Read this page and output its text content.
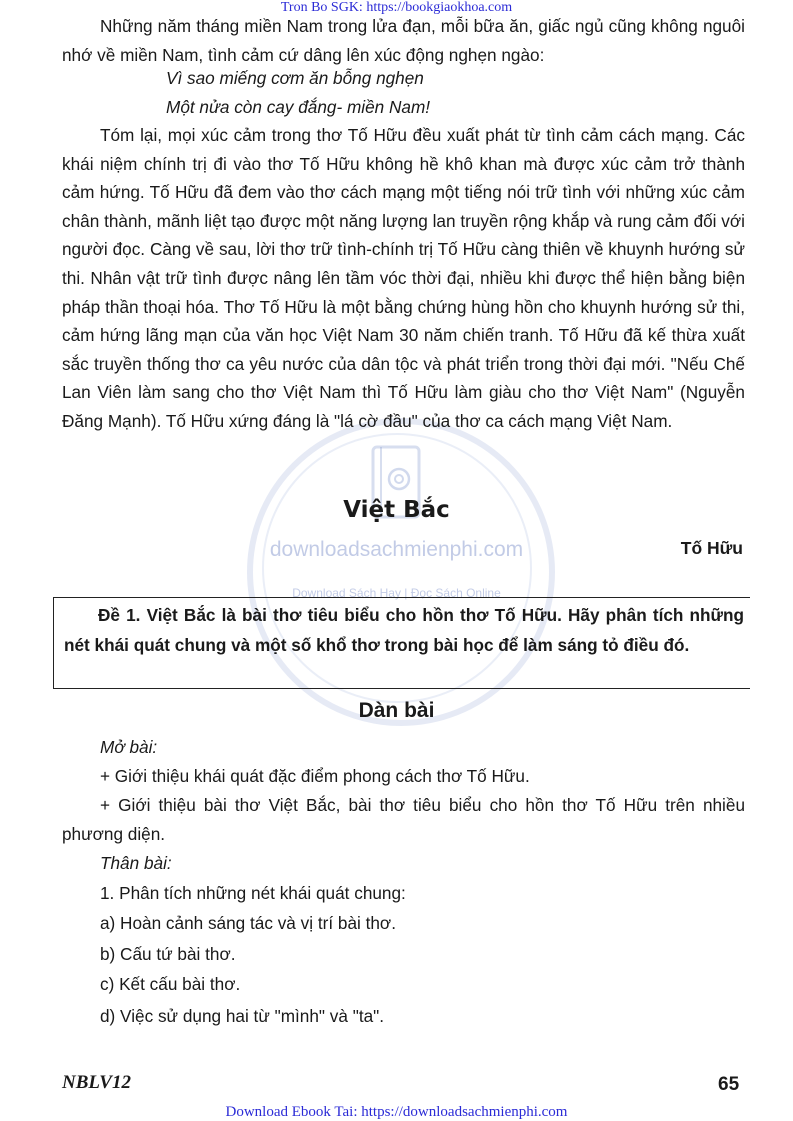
downloadsachmienphi.com
Download Sách Hay | Đọc Sách Online
Tron Bo SGK: https://bookgiaokhoa.com

Những năm tháng miền Nam trong lửa đạn, mỗi bữa ăn, giấc ngủ cũng không nguôi nhớ về miền Nam, tình cảm cứ dâng lên xúc động nghẹn ngào:

Vì sao miếng cơm ăn bỗng nghẹn
Một nửa còn cay đắng- miền Nam!

Tóm lại, mọi xúc cảm trong thơ Tố Hữu đều xuất phát từ tình cảm cách mạng. Các khái niệm chính trị đi vào thơ Tố Hữu không hề khô khan mà được xúc cảm trở thành cảm hứng. Tố Hữu đã đem vào thơ cách mạng một tiếng nói trữ tình với những xúc cảm chân thành, mãnh liệt tạo được một năng lượng lan truyền rộng khắp và rung cảm đối với người đọc. Càng về sau, lời thơ trữ tình-chính trị Tố Hữu càng thiên về khuynh hướng sử thi. Nhân vật trữ tình được nâng lên tầm vóc thời đại, nhiều khi được thể hiện bằng biện pháp thần thoại hóa. Thơ Tố Hữu là một bằng chứng hùng hồn cho khuynh hướng sử thi, cảm hứng lãng mạn của văn học Việt Nam 30 năm chiến tranh. Tố Hữu đã kế thừa xuất sắc truyền thống thơ ca yêu nước của dân tộc và phát triển trong thời đại mới. "Nếu Chế Lan Viên làm sang cho thơ Việt Nam thì Tố Hữu làm giàu cho thơ Việt Nam" (Nguyễn Đăng Mạnh). Tố Hữu xứng đáng là "lá cờ đầu" của thơ ca cách mạng Việt Nam.

Việt Bắc
Tố Hữu

Đề 1. Việt Bắc là bài thơ tiêu biểu cho hồn thơ Tố Hữu. Hãy phân tích những nét khái quát chung và một số khổ thơ trong bài học để làm sáng tỏ điều đó.

Dàn bài
Mở bài:
+ Giới thiệu khái quát đặc điểm phong cách thơ Tố Hữu.

+ Giới thiệu bài thơ Việt Bắc, bài thơ tiêu biểu cho hồn thơ Tố Hữu trên nhiều phương diện.

Thân bài:
1. Phân tích những nét khái quát chung:
a) Hoàn cảnh sáng tác và vị trí bài thơ.
b) Cấu tứ bài thơ.
c) Kết cấu bài thơ.
d) Việc sử dụng hai từ "mình" và "ta".
NBLV12	65
Download Ebook Tai: https://downloadsachmienphi.com
